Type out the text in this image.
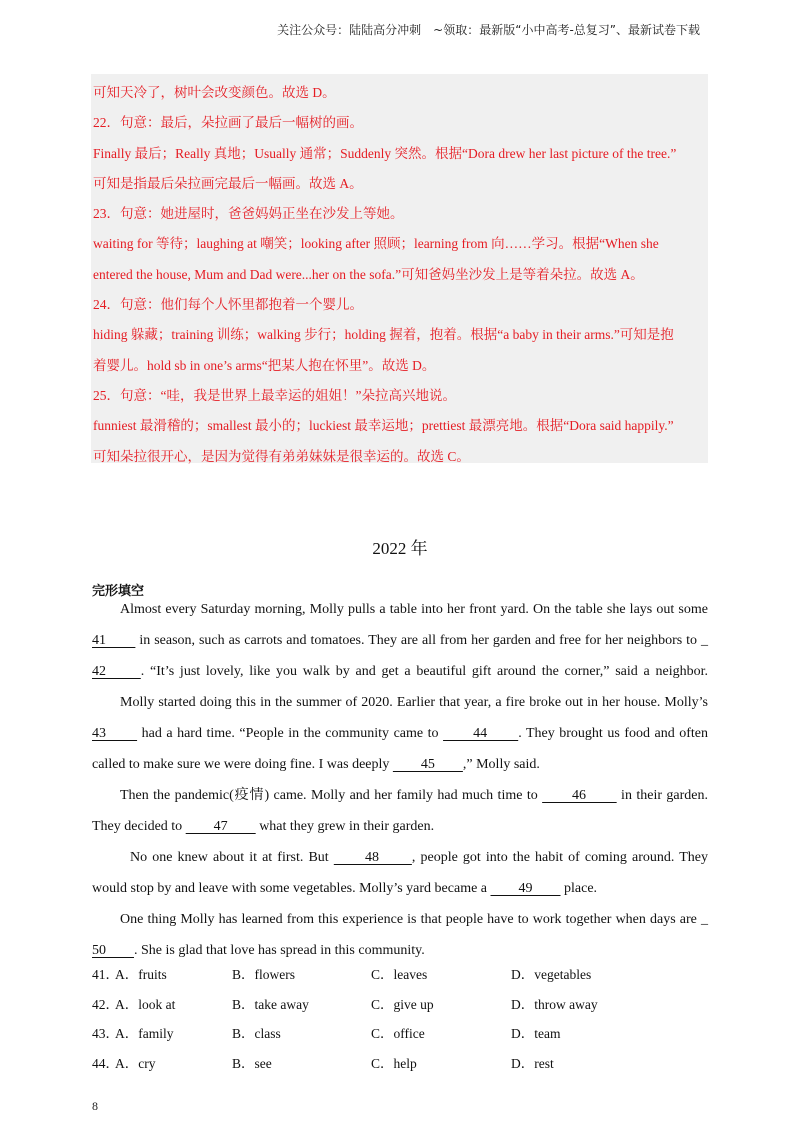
关注公众号：陆陆高分冲刺　~领取：最新版“小中高考-总复习”、最新试卷下载
可知天冷了，树叶会改变颜色。故选 D。
22．句意：最后，朵拉画了最后一幅树的画。
Finally 最后；Really 真地；Usually 通常；Suddenly 突然。根据“Dora drew her last picture of the tree.”
可知是指最后朵拉画完最后一幅画。故选 A。
23．句意：她进屋时，爸爸妈妈正坐在沙发上等她。
waiting for 等待；laughing at 嘲笑；looking after 照顾；learning from 向……学习。根据“When she
entered the house, Mum and Dad were...her on the sofa.”可知爸妈坐沙发上是等着朵拉。故选 A。
24．句意：他们每个人怀里都抱着一个婴儿。
hiding 躲藏；training 训练；walking 步行；holding 握着，抱着。根据“a baby in their arms.”可知是抱
着婴儿。hold sb in one’s arms“把某人抱在怀里”。故选 D。
25．句意：“哇，我是世界上最幸运的姐姐！”朵拉高兴地说。
funniest 最滑稽的；smallest 最小的；luckiest 最幸运地；prettiest 最漂亮地。根据“Dora said happily.”
可知朵拉很开心，是因为觉得有弟弟妹妹是很幸运的。故选 C。
2022 年
完形填空
Almost every Saturday morning, Molly pulls a table into her front yard. On the table she lays out some
41　　 in season, such as carrots and tomatoes. They are all from her garden and free for her neighbors to _
42　　. “It’s just lovely, like you walk by and get a beautiful gift around the corner,” said a neighbor.
Molly started doing this in the summer of 2020. Earlier that year, a fire broke out in her house. Molly’s
43　　 had a hard time. “People in the community came to 　　44　　. They brought us food and often
called to make sure we were doing fine. I was deeply 　　45　　,” Molly said.
Then the pandemic(疫情) came. Molly and her family had much time to 　　46　　 in their garden.
They decided to 　　47　　 what they grew in their garden.
No one knew about it at first. But 　　48　　, people got into the habit of coming around. They
would stop by and leave with some vegetables. Molly’s yard became a 　　49　　 place.
One thing Molly has learned from this experience is that people have to work together when days are _
50　　. She is glad that love has spread in this community.
41．
A．fruits	B．flowers	C．leaves	D．vegetables
42．
A．look at	B．take away	C．give up	D．throw away
43．
A．family	B．class	C．office	D．team
44．
A．cry	B．see	C．help	D．rest
8
